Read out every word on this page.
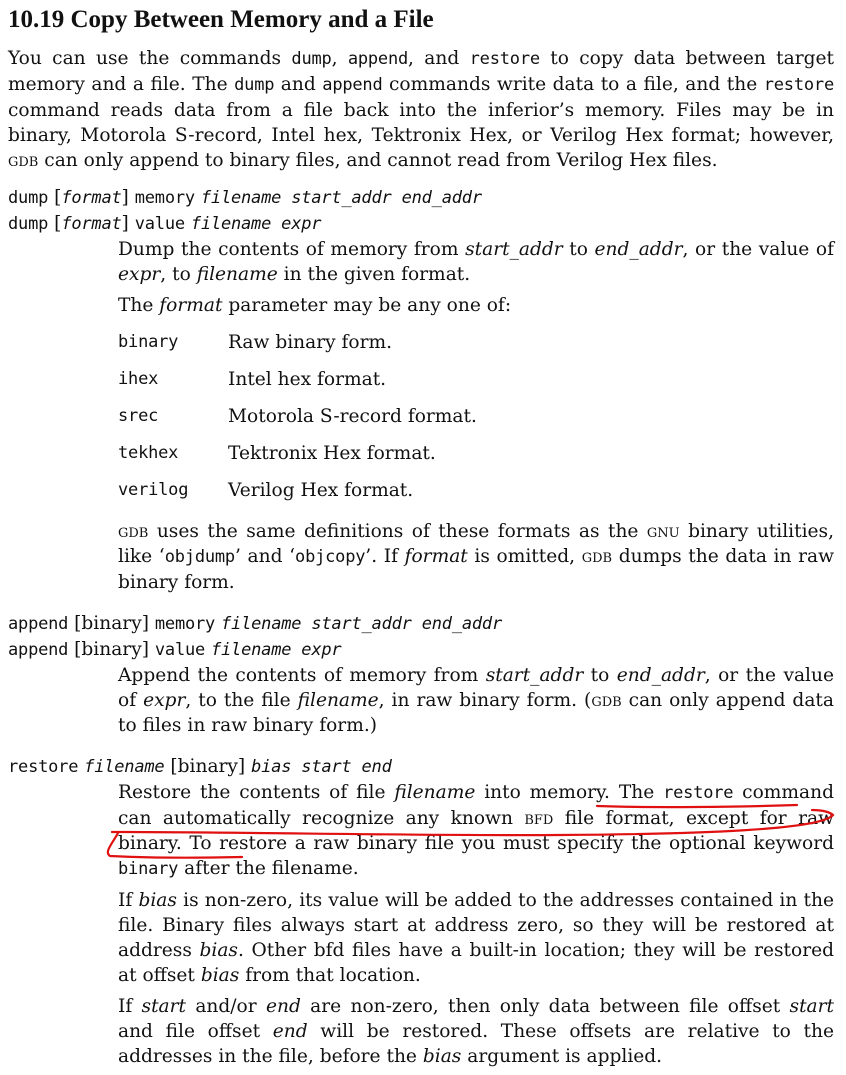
10.19 Copy Between Memory and a File

You can use the commands dump, append, and restore to copy data between target memory and a file. The dump and append commands write data to a file, and the restore command reads data from a file back into the inferior’s memory. Files may be in binary, Motorola S-record, Intel hex, Tektronix Hex, or Verilog Hex format; however, gdb can only append to binary files, and cannot read from Verilog Hex files.

dump [format] memory filename start_addr end_addr
dump [format] value filename expr

Dump the contents of memory from start_addr to end_addr, or the value of expr, to filename in the given format.

The format parameter may be any one of:

binary	Raw binary form.
ihex	Intel hex format.
srec	Motorola S-record format.
tekhex	Tektronix Hex format.
verilog	Verilog Hex format.

gdb uses the same definitions of these formats as the gnu binary utilities, like ‘objdump’ and ‘objcopy’. If format is omitted, gdb dumps the data in raw binary form.

append [binary] memory filename start_addr end_addr
append [binary] value filename expr

Append the contents of memory from start_addr to end_addr, or the value of expr, to the file filename, in raw binary form. (gdb can only append data to files in raw binary form.)

restore filename [binary] bias start end

Restore the contents of file filename into memory. The restore command can automatically recognize any known bfd file format, except for raw binary. To restore a raw binary file you must specify the optional keyword binary after the filename.

If bias is non-zero, its value will be added to the addresses contained in the file. Binary files always start at address zero, so they will be restored at address bias. Other bfd files have a built-in location; they will be restored at offset bias from that location.

If start and/or end are non-zero, then only data between file offset start and file offset end will be restored. These offsets are relative to the addresses in the file, before the bias argument is applied.
